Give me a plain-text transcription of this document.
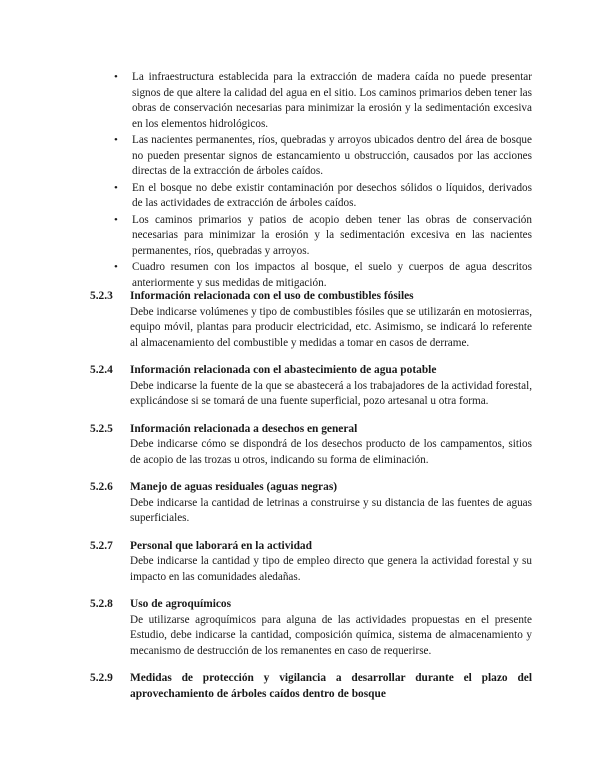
• La infraestructura establecida para la extracción de madera caída no puede presentar signos de que altere la calidad del agua en el sitio. Los caminos primarios deben tener las obras de conservación necesarias para minimizar la erosión y la sedimentación excesiva en los elementos hidrológicos.
• Las nacientes permanentes, ríos, quebradas y arroyos ubicados dentro del área de bosque no pueden presentar signos de estancamiento u obstrucción, causados por las acciones directas de la extracción de árboles caídos.
• En el bosque no debe existir contaminación por desechos sólidos o líquidos, derivados de las actividades de extracción de árboles caídos.
• Los caminos primarios y patios de acopio deben tener las obras de conservación necesarias para minimizar la erosión y la sedimentación excesiva en las nacientes permanentes, ríos, quebradas y arroyos.
• Cuadro resumen con los impactos al bosque, el suelo y cuerpos de agua descritos anteriormente y sus medidas de mitigación.
5.2.3	Información relacionada con el uso de combustibles fósiles
Debe indicarse volúmenes y tipo de combustibles fósiles que se utilizarán en motosierras, equipo móvil, plantas para producir electricidad, etc. Asimismo, se indicará lo referente al almacenamiento del combustible y medidas a tomar en casos de derrame.
5.2.4	Información relacionada con el abastecimiento de agua potable
Debe indicarse la fuente de la que se abastecerá a los trabajadores de la actividad forestal, explicándose si se tomará de una fuente superficial, pozo artesanal u otra forma.
5.2.5	Información relacionada a desechos en general
Debe indicarse cómo se dispondrá de los desechos producto de los campamentos, sitios de acopio de las trozas u otros, indicando su forma de eliminación.
5.2.6	Manejo de aguas residuales (aguas negras)
Debe indicarse la cantidad de letrinas a construirse y su distancia de las fuentes de aguas superficiales.
5.2.7	Personal que laborará en la actividad
Debe indicarse la cantidad y tipo de empleo directo que genera la actividad forestal y su impacto en las comunidades aledañas.
5.2.8	Uso de agroquímicos
De utilizarse agroquímicos para alguna de las actividades propuestas en el presente Estudio, debe indicarse la cantidad, composición química, sistema de almacenamiento y mecanismo de destrucción de los remanentes en caso de requerirse.
5.2.9	Medidas de protección y vigilancia a desarrollar durante el plazo del aprovechamiento de árboles caídos dentro de bosque
